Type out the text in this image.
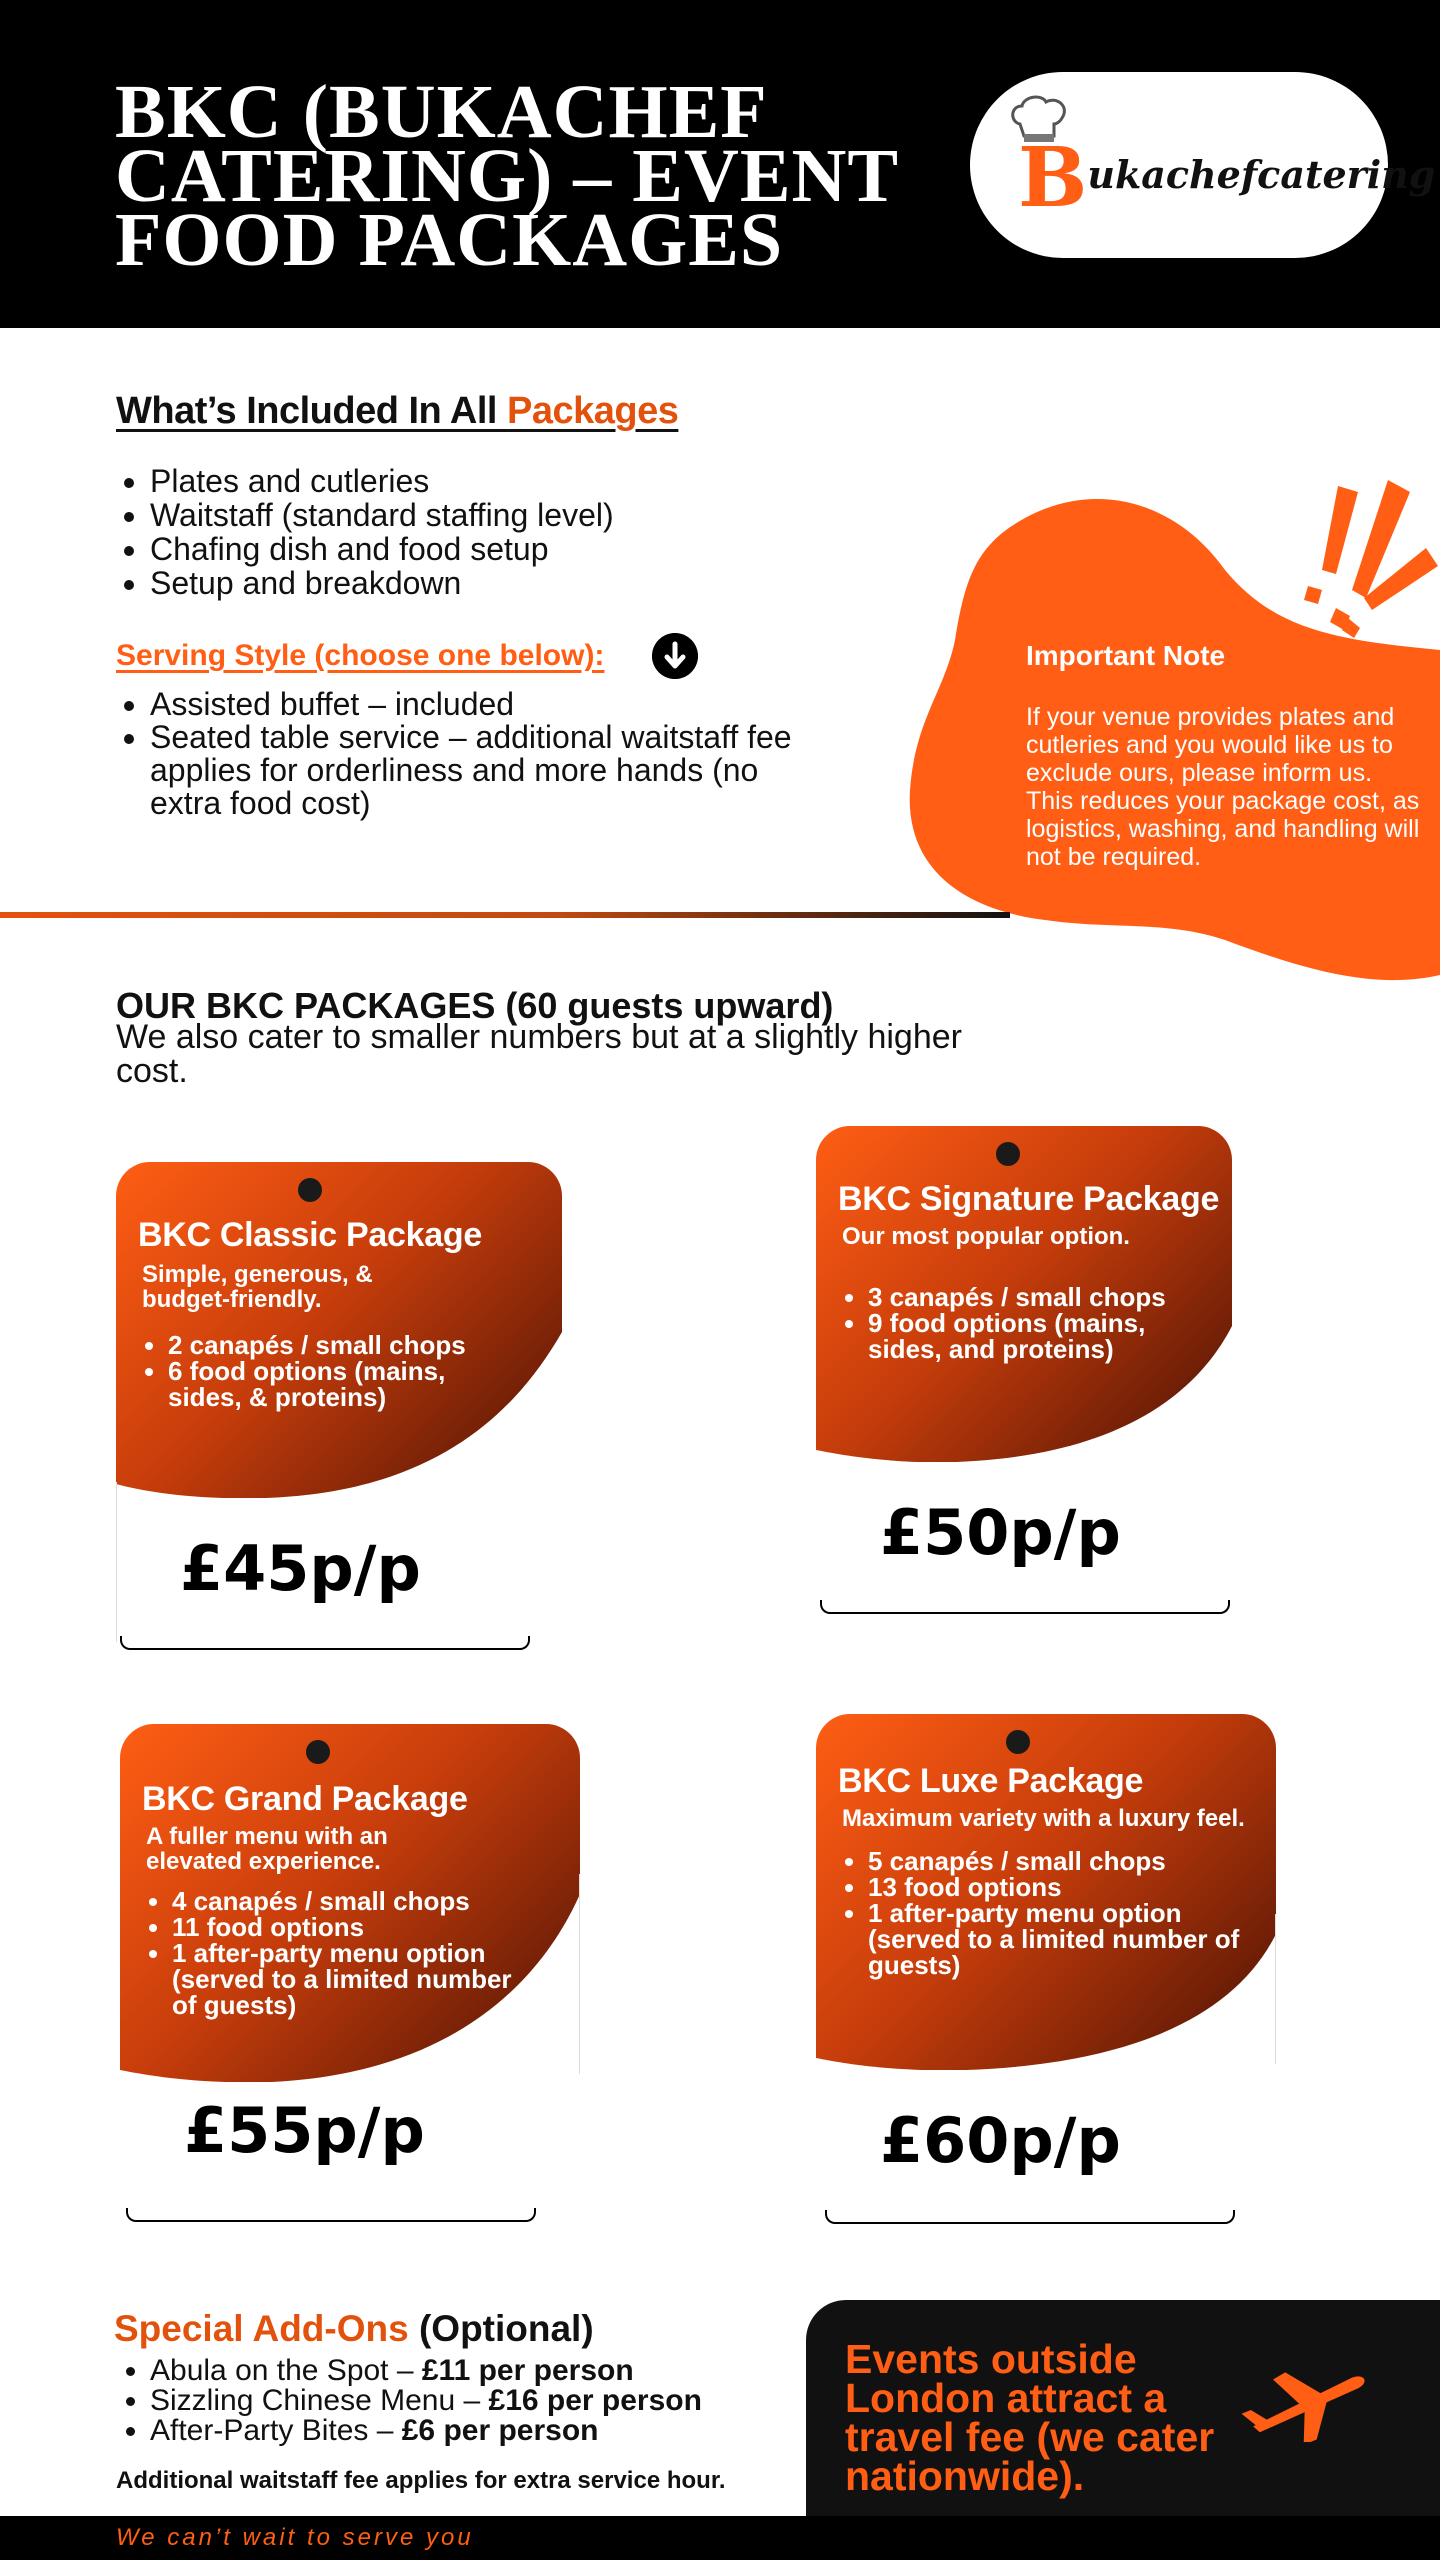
BKC (BUKACHEF CATERING) – EVENT FOOD PACKAGES
Bukachefcatering
What’s Included In All Packages
• Plates and cutleries
• Waitstaff (standard staffing level)
• Chafing dish and food setup
• Setup and breakdown
Serving Style (choose one below):
• Assisted buffet – included
• Seated table service – additional waitstaff fee applies for orderliness and more hands (no extra food cost)
Important Note
If your venue provides plates and cutleries and you would like us to exclude ours, please inform us.
This reduces your package cost, as logistics, washing, and handling will not be required.
OUR BKC PACKAGES (60 guests upward)

We also cater to smaller numbers but at a slightly higher cost.

BKC Classic Package
Simple, generous, & budget-friendly.
• 2 canapés / small chops
• 6 food options (mains, sides, & proteins)
£45p/p
BKC Signature Package
Our most popular option.
• 3 canapés / small chops
• 9 food options (mains, sides, and proteins)
£50p/p
BKC Grand Package
A fuller menu with an elevated experience.
• 4 canapés / small chops
• 11 food options
• 1 after-party menu option (served to a limited number of guests)
£55p/p
BKC Luxe Package
Maximum variety with a luxury feel.
• 5 canapés / small chops
• 13 food options
• 1 after-party menu option (served to a limited number of guests)
£60p/p
Special Add-Ons (Optional)
• Abula on the Spot – £11 per person
• Sizzling Chinese Menu – £16 per person
• After-Party Bites – £6 per person
Additional waitstaff fee applies for extra service hour.
Events outside London attract a travel fee (we cater nationwide).
We can’t wait to serve you
